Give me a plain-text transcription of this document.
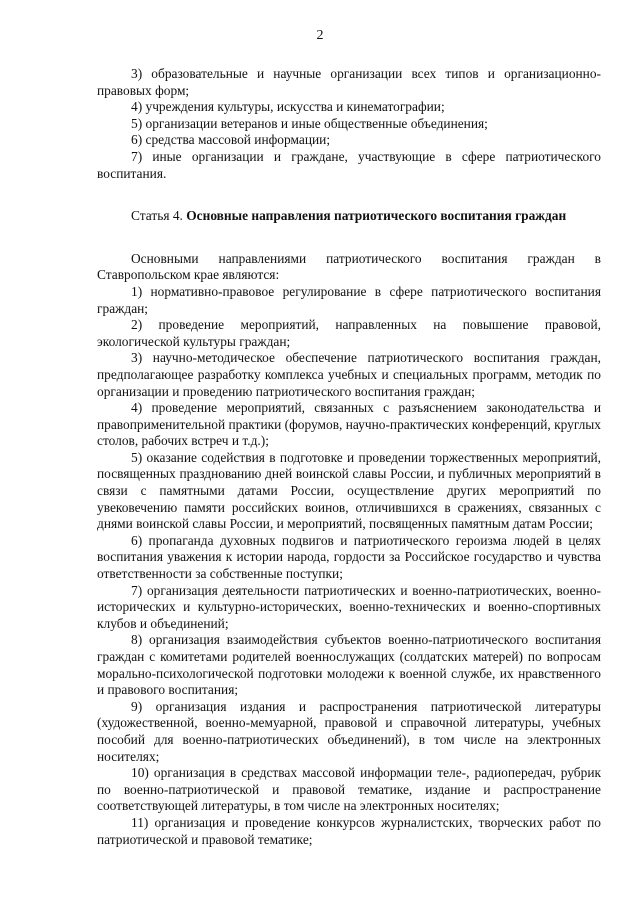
2

3) образовательные и научные организации всех типов и организационно-правовых форм;

4) учреждения культуры, искусства и кинематографии;

5) организации ветеранов и иные общественные объединения;

6) средства массовой информации;

7) иные организации и граждане, участвующие в сфере патриотического воспитания.

Статья 4. Основные направления патриотического воспитания граждан

Основными направлениями патриотического воспитания граждан в Ставропольском крае являются:

1) нормативно-правовое регулирование в сфере патриотического воспитания граждан;

2) проведение мероприятий, направленных на повышение правовой, экологической культуры граждан;

3) научно-методическое обеспечение патриотического воспитания граждан, предполагающее разработку комплекса учебных и специальных программ, методик по организации и проведению патриотического воспитания граждан;

4) проведение мероприятий, связанных с разъяснением законодательства и правоприменительной практики (форумов, научно-практических конференций, круглых столов, рабочих встреч и т.д.);

5) оказание содействия в подготовке и проведении торжественных мероприятий, посвященных празднованию дней воинской славы России, и публичных мероприятий в связи с памятными датами России, осуществление других мероприятий по увековечению памяти российских воинов, отличившихся в сражениях, связанных с днями воинской славы России, и мероприятий, посвященных памятным датам России;

6) пропаганда духовных подвигов и патриотического героизма людей в целях воспитания уважения к истории народа, гордости за Российское государство и чувства ответственности за собственные поступки;

7) организация деятельности патриотических и военно-патриотических, военно-исторических и культурно-исторических, военно-технических и военно-спортивных клубов и объединений;

8) организация взаимодействия субъектов военно-патриотического воспитания граждан с комитетами родителей военнослужащих (солдатских матерей) по вопросам морально-психологической подготовки молодежи к военной службе, их нравственного и правового воспитания;

9) организация издания и распространения патриотической литературы (художественной, военно-мемуарной, правовой и справочной литературы, учебных пособий для военно-патриотических объединений), в том числе на электронных носителях;

10) организация в средствах массовой информации теле-, радиопередач, рубрик по военно-патриотической и правовой тематике, издание и распространение соответствующей литературы, в том числе на электронных носителях;

11) организация и проведение конкурсов журналистских, творческих работ по патриотической и правовой тематике;
